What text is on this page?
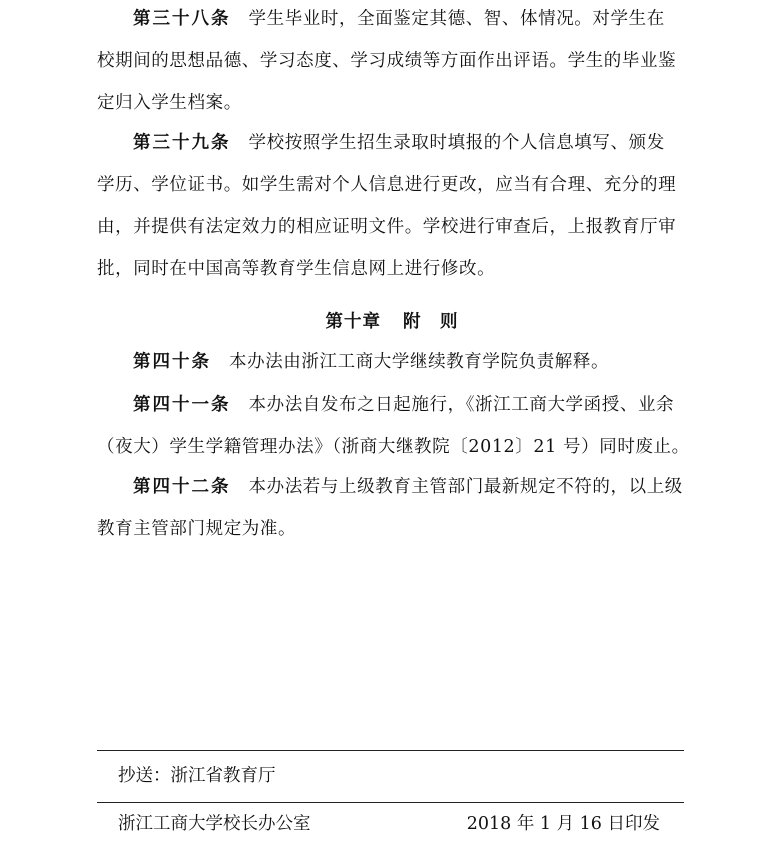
第三十八条 学生毕业时，全面鉴定其德、智、体情况。对学生在
校期间的思想品德、学习态度、学习成绩等方面作出评语。学生的毕业鉴
定归入学生档案。

第三十九条 学校按照学生招生录取时填报的个人信息填写、颁发
学历、学位证书。如学生需对个人信息进行更改，应当有合理、充分的理
由，并提供有法定效力的相应证明文件。学校进行审查后，上报教育厅审
批，同时在中国高等教育学生信息网上进行修改。

第十章 附　则

第四十条 本办法由浙江工商大学继续教育学院负责解释。

第四十一条 本办法自发布之日起施行，《浙江工商大学函授、业余
（夜大）学生学籍管理办法》（浙商大继教院〔2012〕21 号）同时废止。

第四十二条 本办法若与上级教育主管部门最新规定不符的，以上级
教育主管部门规定为准。

抄送：浙江省教育厅
浙江工商大学校长办公室	2018 年 1 月 16 日印发
